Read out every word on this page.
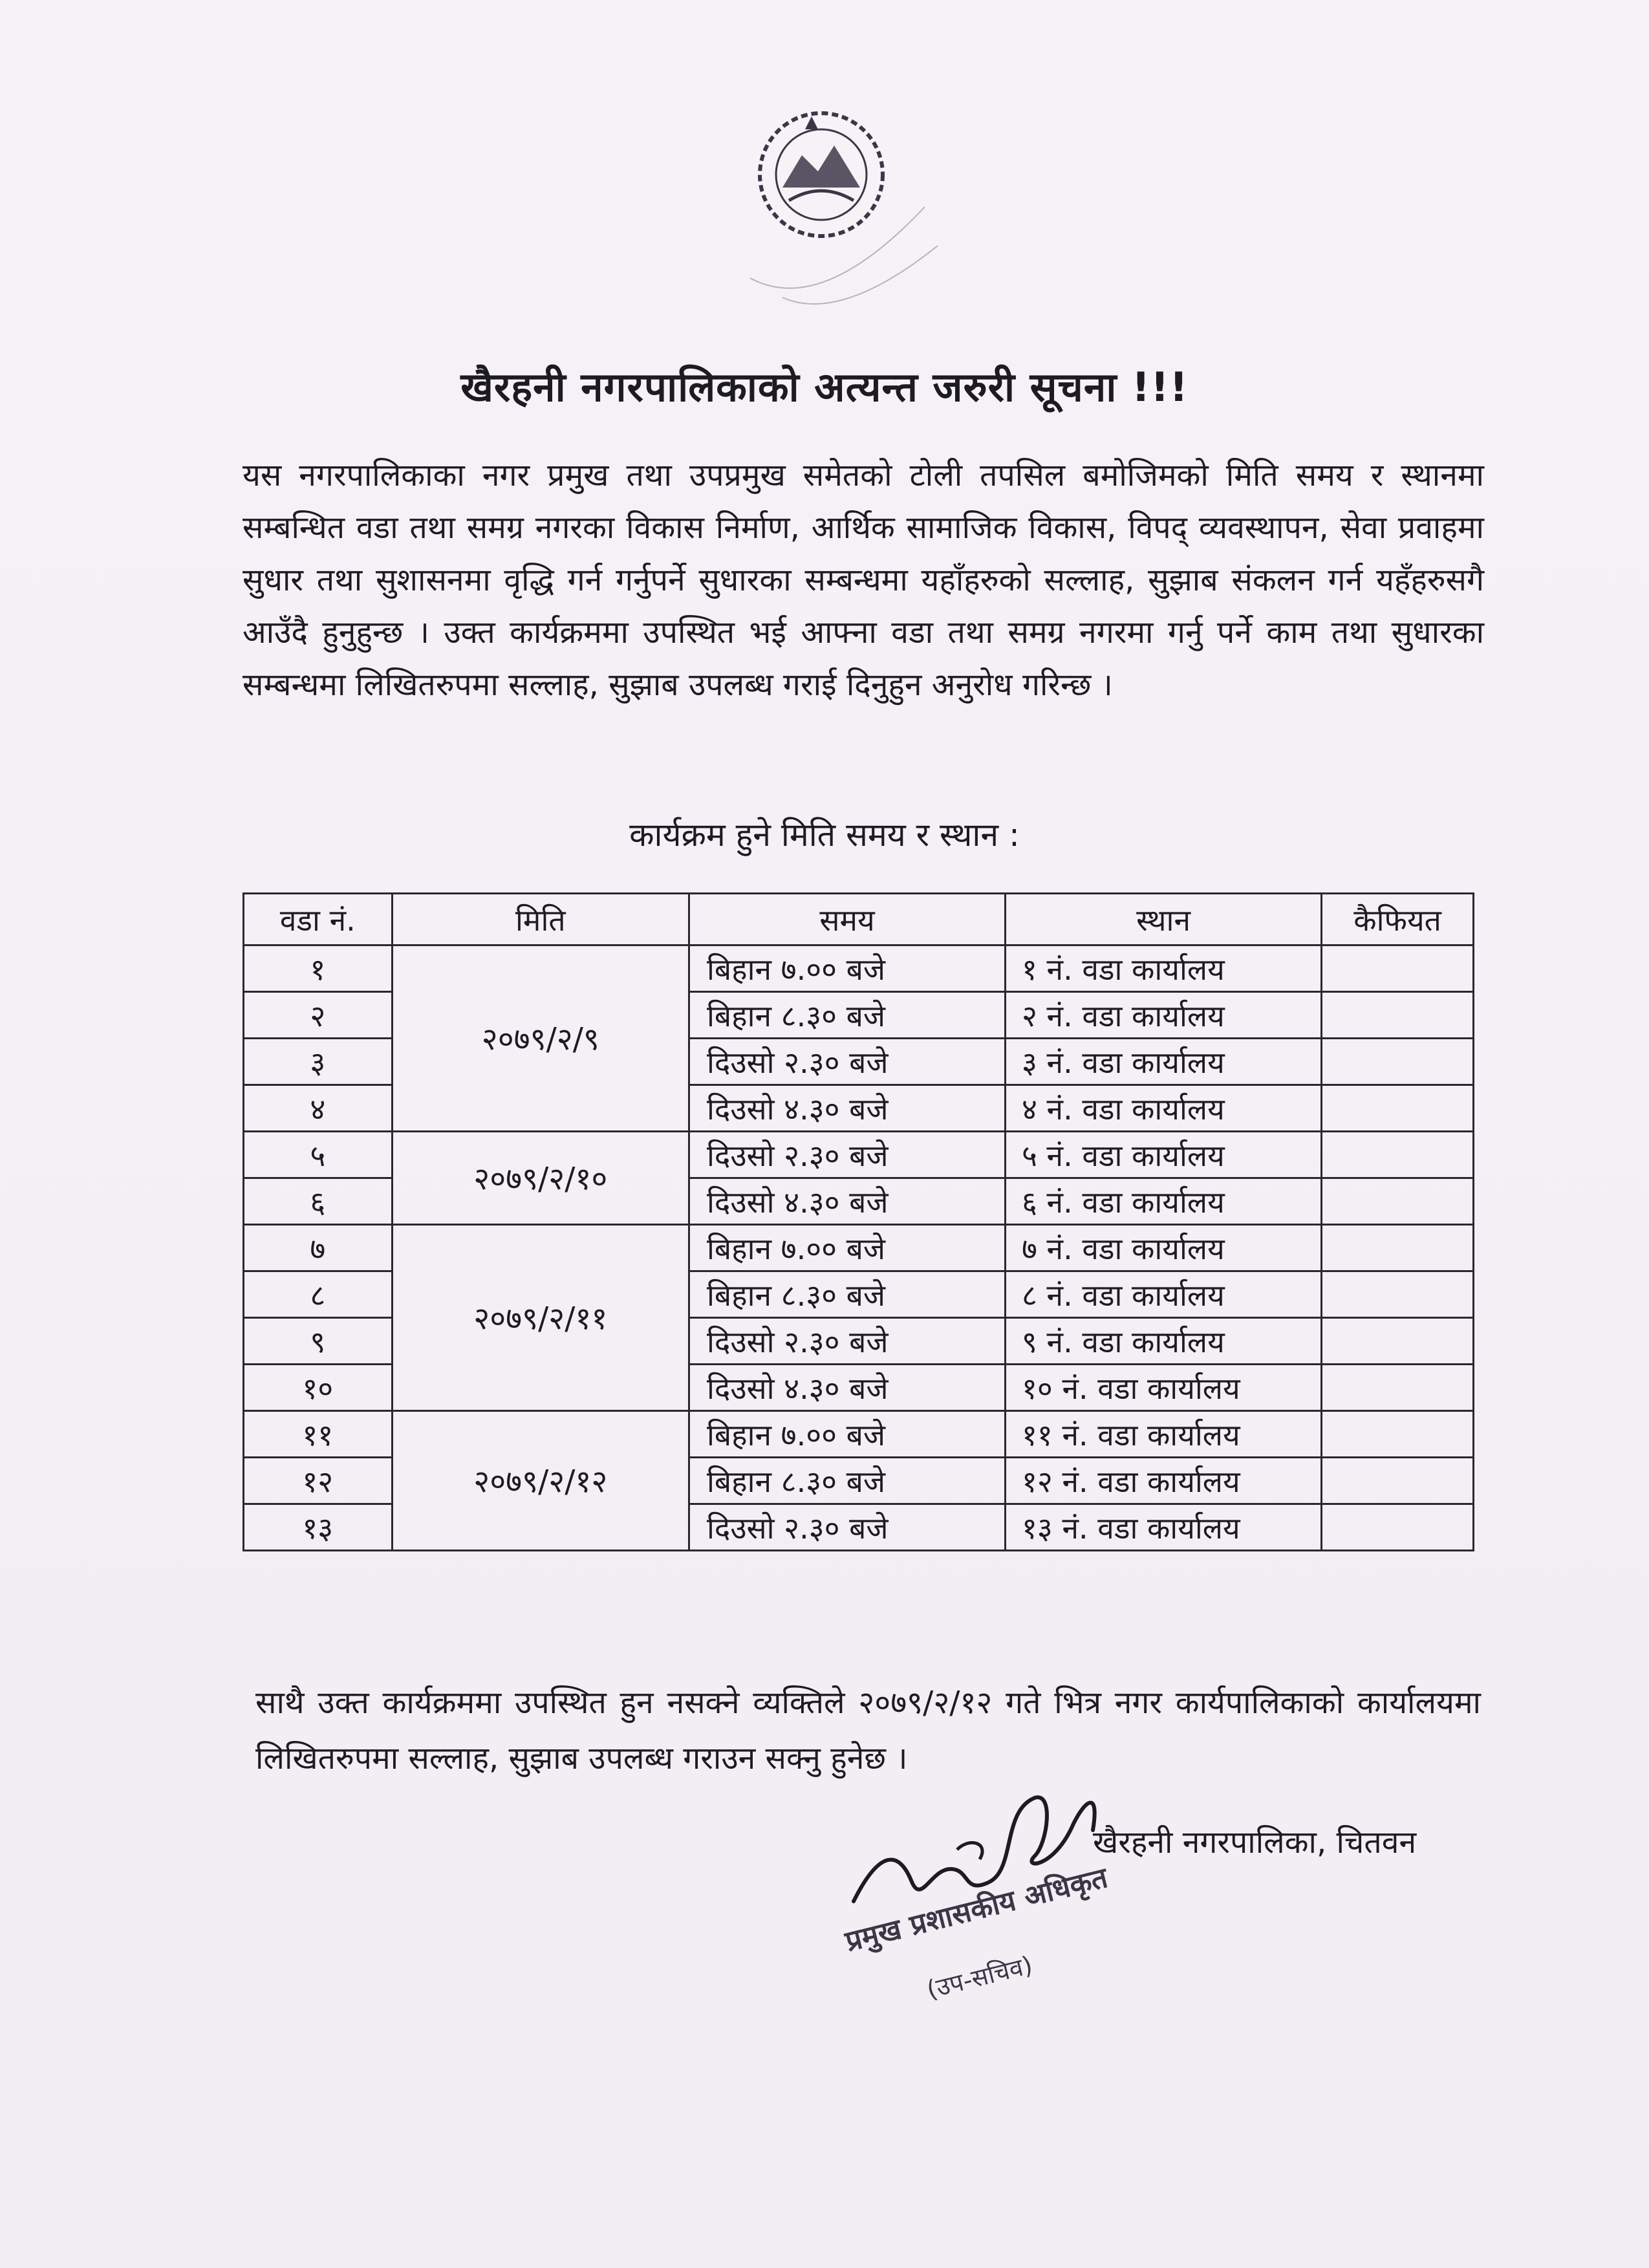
खैरहनी नगरपालिकाको अत्यन्त जरुरी सूचना !!!

यस नगरपालिकाका नगर प्रमुख तथा उपप्रमुख समेतको टोली तपसिल बमोजिमको मिति समय र स्थानमा सम्बन्धित वडा तथा समग्र नगरका विकास निर्माण, आर्थिक सामाजिक विकास, विपद् व्यवस्थापन, सेवा प्रवाहमा सुधार तथा सुशासनमा वृद्धि गर्न गर्नुपर्ने सुधारका सम्बन्धमा यहाँहरुको सल्लाह, सुझाब संकलन गर्न यहँहरुसगै आउँदै हुनुहुन्छ । उक्त कार्यक्रममा उपस्थित भई आफ्ना वडा तथा समग्र नगरमा गर्नु पर्ने काम तथा सुधारका सम्बन्धमा लिखितरुपमा सल्लाह, सुझाब उपलब्ध गराई दिनुहुन अनुरोध गरिन्छ ।

कार्यक्रम हुने मिति समय र स्थान :
वडा नं.	मिति	समय	स्थान	कैफियत
१	२०७९/२/९	बिहान ७.०० बजे	१ नं. वडा कार्यालय	
२		बिहान ८.३० बजे	२ नं. वडा कार्यालय	
३		दिउसो २.३० बजे	३ नं. वडा कार्यालय	
४		दिउसो ४.३० बजे	४ नं. वडा कार्यालय	
५	२०७९/२/१०	दिउसो २.३० बजे	५ नं. वडा कार्यालय	
६		दिउसो ४.३० बजे	६ नं. वडा कार्यालय	
७	२०७९/२/११	बिहान ७.०० बजे	७ नं. वडा कार्यालय	
८		बिहान ८.३० बजे	८ नं. वडा कार्यालय	
९		दिउसो २.३० बजे	९ नं. वडा कार्यालय	
१०		दिउसो ४.३० बजे	१० नं. वडा कार्यालय	
११	२०७९/२/१२	बिहान ७.०० बजे	११ नं. वडा कार्यालय	
१२		बिहान ८.३० बजे	१२ नं. वडा कार्यालय	
१३		दिउसो २.३० बजे	१३ नं. वडा कार्यालय	

साथै उक्त कार्यक्रममा उपस्थित हुन नसक्ने व्यक्तिले २०७९/२/१२ गते भित्र नगर कार्यपालिकाको कार्यालयमा लिखितरुपमा सल्लाह, सुझाब उपलब्ध गराउन सक्नु हुनेछ ।

खैरहनी नगरपालिका, चितवन
प्रमुख प्रशासकीय अधिकृत
(उप-सचिव)
